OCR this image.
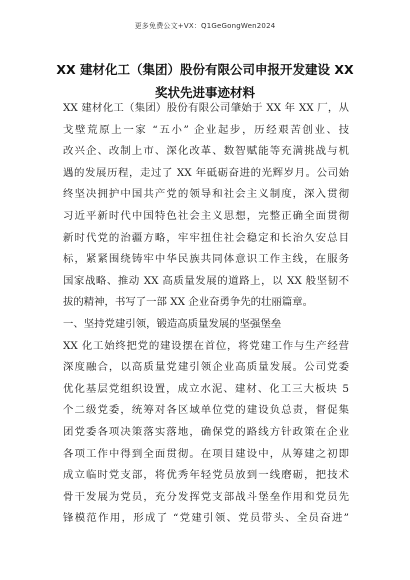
更多免费公文+VX：Q1GeGongWen2024
XX 建材化工（集团）股份有限公司申报开发建设 XX
奖状先进事迹材料
XX 建材化工（集团）股份有限公司肇始于 XX 年 XX 厂，从
戈壁荒原上一家 “五小” 企业起步，历经艰苦创业、技
改兴企、改制上市、深化改革、数智赋能等充满挑战与机
遇的发展历程，走过了 XX 年砥砺奋进的光辉岁月。公司始
终坚决拥护中国共产党的领导和社会主义制度，深入贯彻
习近平新时代中国特色社会主义思想，完整正确全面贯彻
新时代党的治疆方略，牢牢扭住社会稳定和长治久安总目
标，紧紧围绕铸牢中华民族共同体意识工作主线，在服务
国家战略、推动 XX 高质量发展的道路上，以 XX 般坚韧不
拔的精神，书写了一部 XX 企业奋勇争先的壮丽篇章。
一、坚持党建引领，锻造高质量发展的坚强堡垒
XX 化工始终把党的建设摆在首位，将党建工作与生产经营
深度融合，以高质量党建引领企业高质量发展。公司党委
优化基层党组织设置，成立水泥、建材、化工三大板块 5
个二级党委，统筹对各区域单位党的建设负总责，督促集
团党委各项决策落实落地，确保党的路线方针政策在企业
各项工作中得到全面贯彻。在项目建设中，从筹建之初即
成立临时党支部，将优秀年轻党员放到一线磨砺，把技术
骨干发展为党员，充分发挥党支部战斗堡垒作用和党员先
锋模范作用，形成了 “党建引领、党员带头、全员奋进”
